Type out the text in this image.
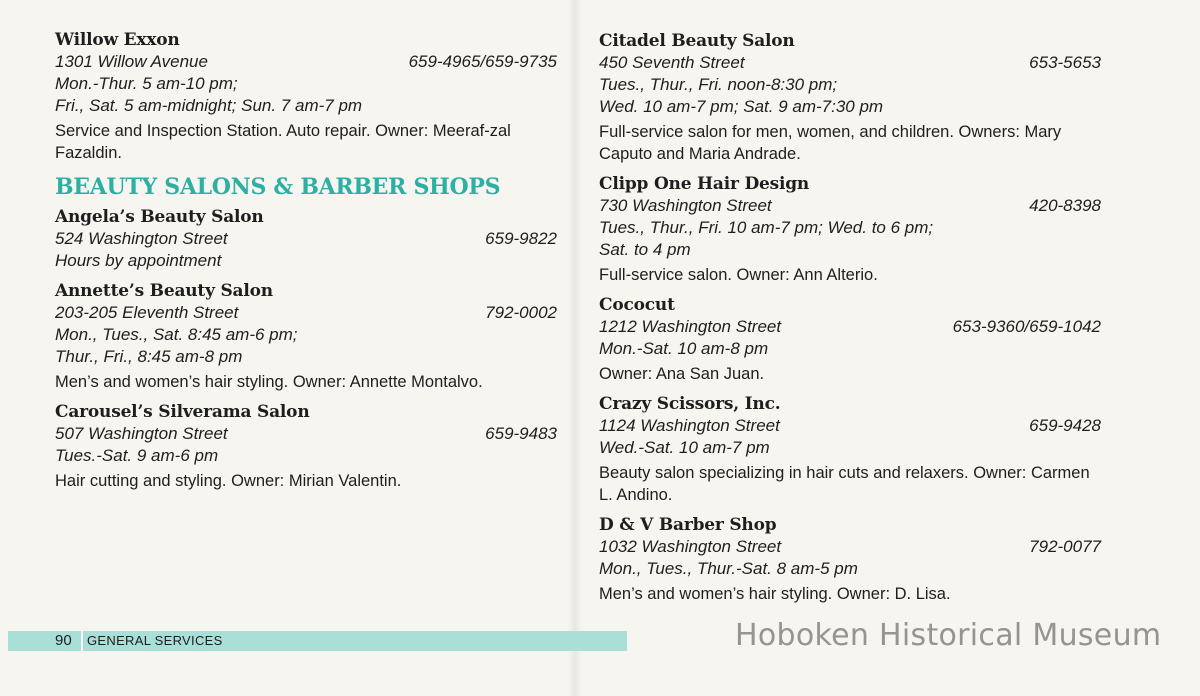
Willow Exxon
1301 Willow Avenue	659-4965/659-9735
Mon.-Thur. 5 am-10 pm;
Fri., Sat. 5 am-midnight; Sun. 7 am-7 pm
Service and Inspection Station. Auto repair. Owner: Meeraf-zal Fazaldin.
BEAUTY SALONS & BARBER SHOPS
Angela’s Beauty Salon
524 Washington Street	659-9822
Hours by appointment
Annette’s Beauty Salon
203-205 Eleventh Street	792-0002
Mon., Tues., Sat. 8:45 am-6 pm;
Thur., Fri., 8:45 am-8 pm
Men’s and women’s hair styling. Owner: Annette Montalvo.
Carousel’s Silverama Salon
507 Washington Street	659-9483
Tues.-Sat. 9 am-6 pm
Hair cutting and styling. Owner: Mirian Valentin.
Citadel Beauty Salon
450 Seventh Street	653-5653
Tues., Thur., Fri. noon-8:30 pm;
Wed. 10 am-7 pm; Sat. 9 am-7:30 pm
Full-service salon for men, women, and children. Owners: Mary Caputo and Maria Andrade.
Clipp One Hair Design
730 Washington Street	420-8398
Tues., Thur., Fri. 10 am-7 pm; Wed. to 6 pm;
Sat. to 4 pm
Full-service salon. Owner: Ann Alterio.
Cococut
1212 Washington Street	653-9360/659-1042
Mon.-Sat. 10 am-8 pm
Owner: Ana San Juan.
Crazy Scissors, Inc.
1124 Washington Street	659-9428
Wed.-Sat. 10 am-7 pm
Beauty salon specializing in hair cuts and relaxers. Owner: Carmen L. Andino.
D & V Barber Shop
1032 Washington Street	792-0077
Mon., Tues., Thur.-Sat. 8 am-5 pm
Men’s and women’s hair styling. Owner: D. Lisa.
90 GENERAL SERVICES	Hoboken Historical Museum
